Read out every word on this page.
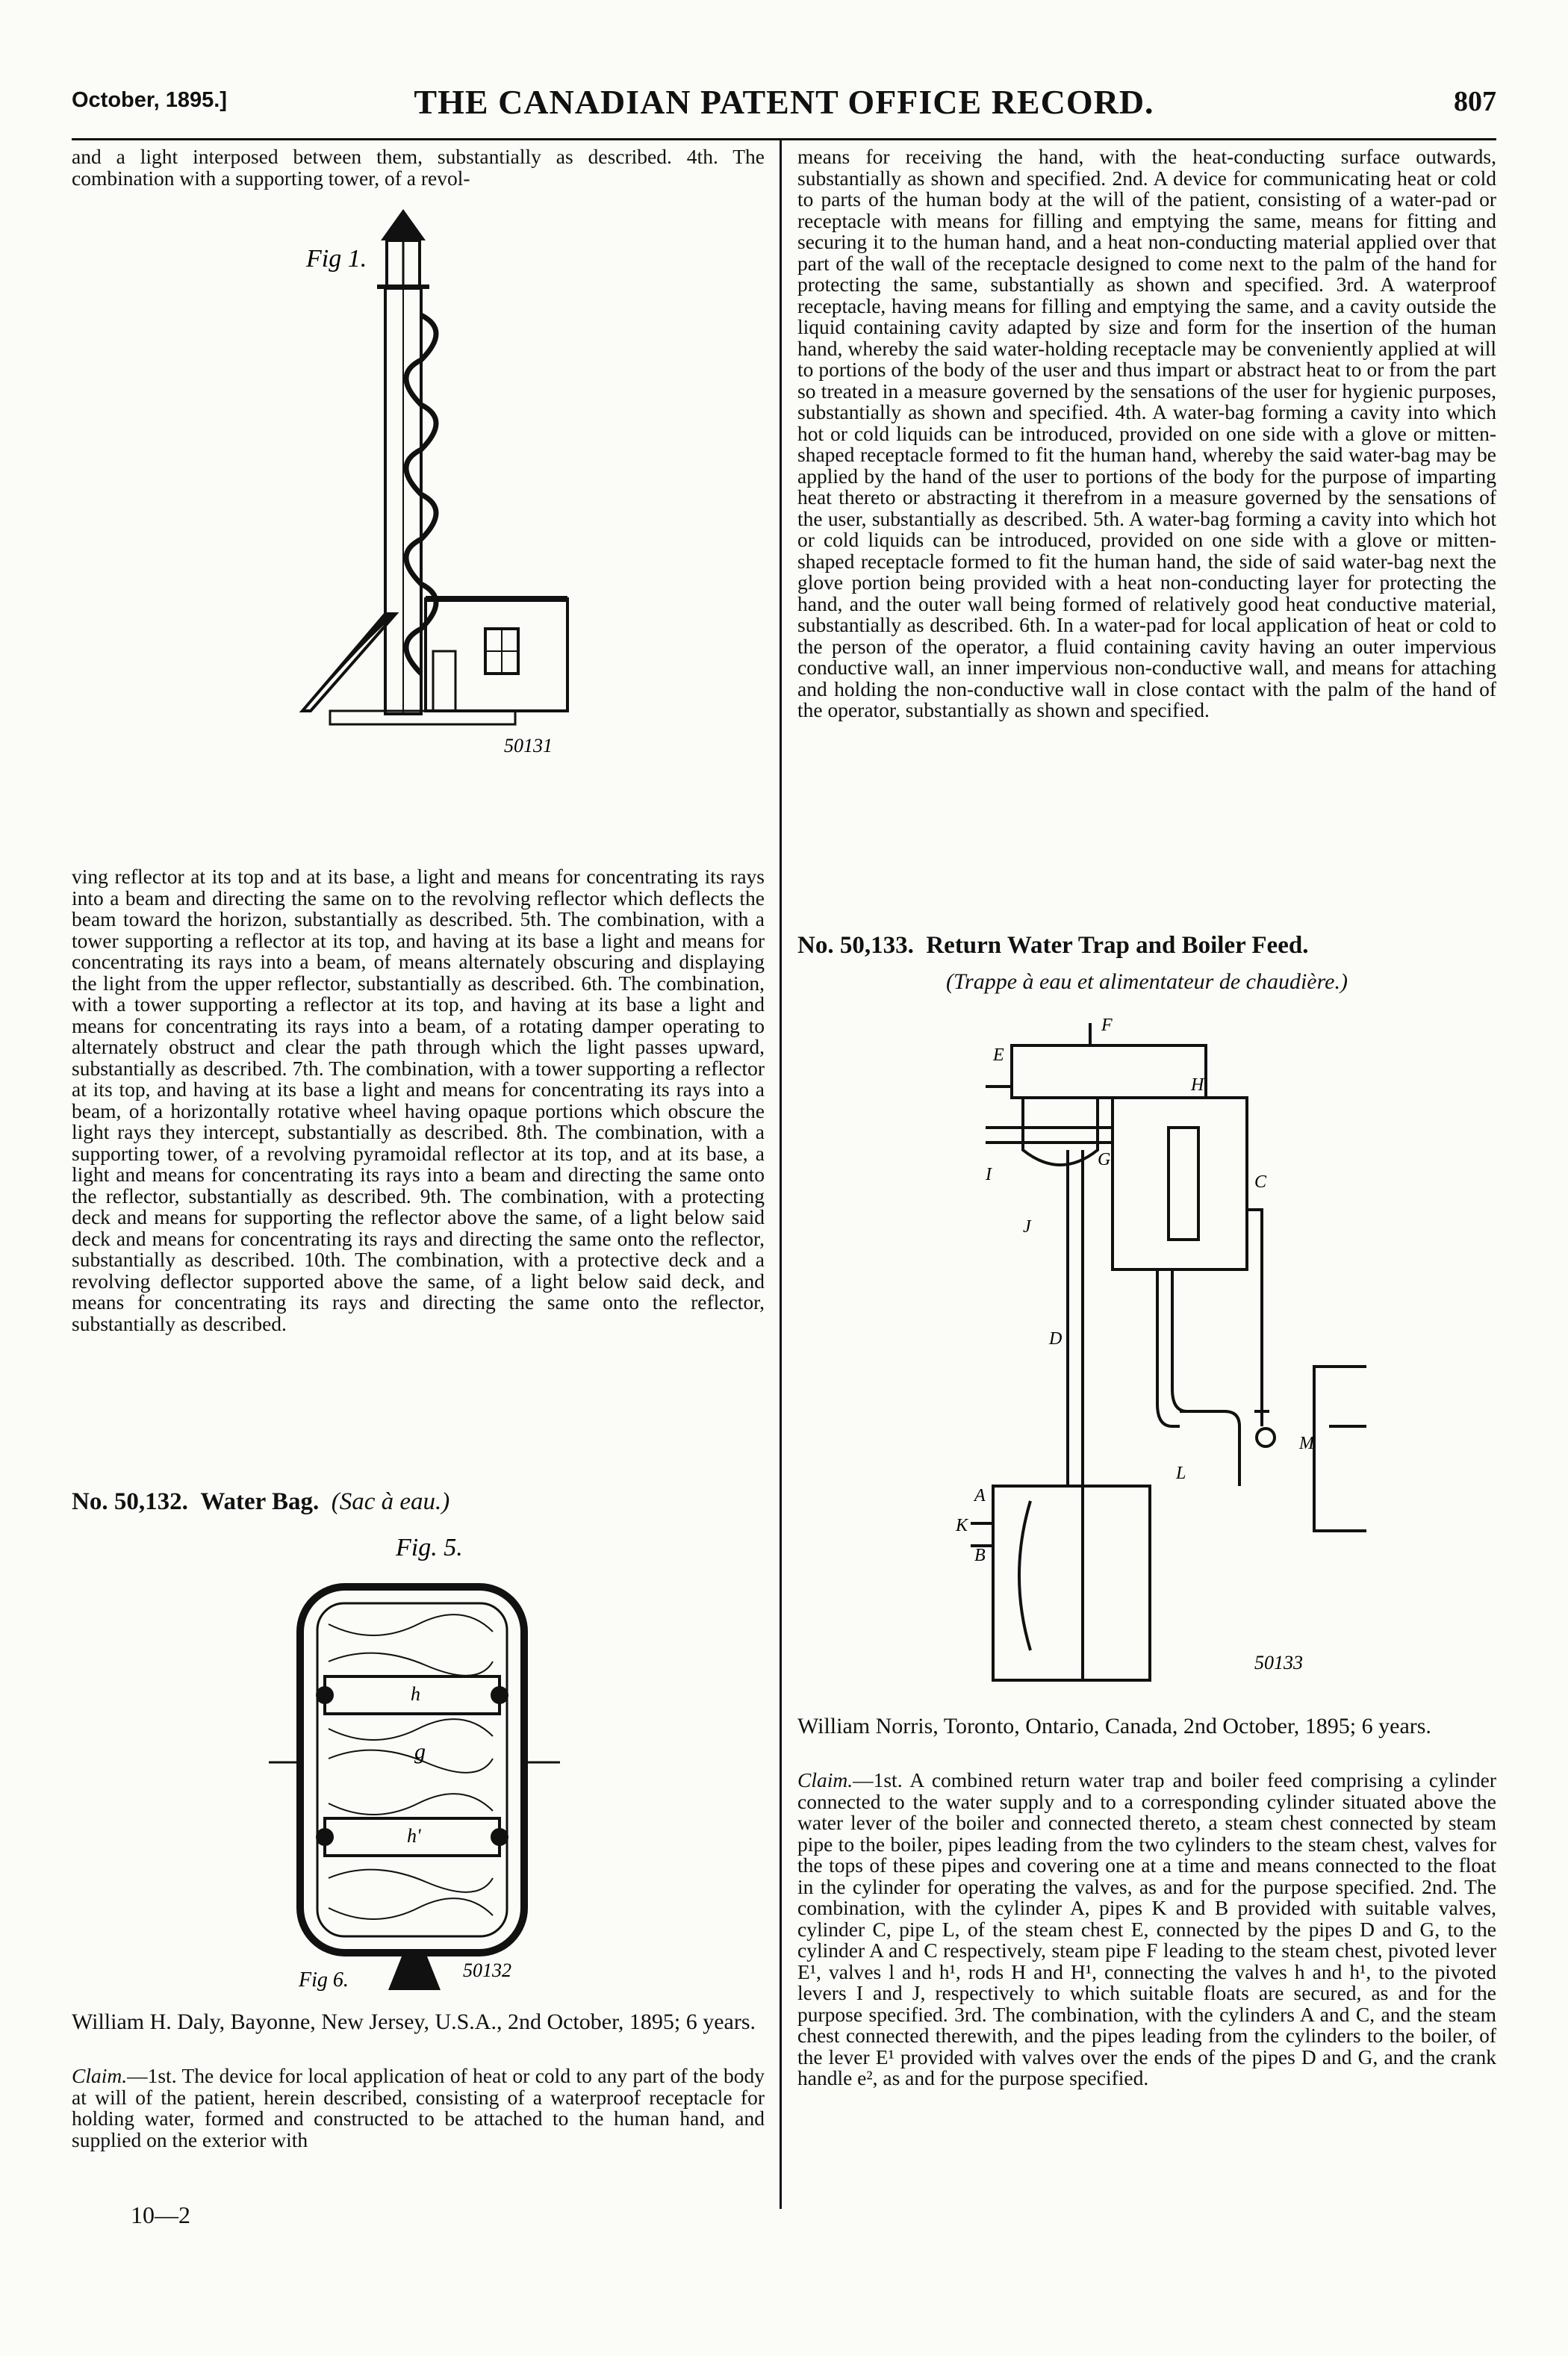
October, 1895.]	THE CANADIAN PATENT OFFICE RECORD.	807

and a light interposed between them, substantially as described. 4th. The combination with a supporting tower, of a revol-

Fig 1.
50131

ving reflector at its top and at its base, a light and means for concentrating its rays into a beam and directing the same on to the revolving reflector which deflects the beam toward the horizon, substantially as described. 5th. The combination, with a tower supporting a reflector at its top, and having at its base a light and means for concentrating its rays into a beam, of means alternately obscuring and displaying the light from the upper reflector, substantially as described. 6th. The combination, with a tower supporting a reflector at its top, and having at its base a light and means for concentrating its rays into a beam, of a rotating damper operating to alternately obstruct and clear the path through which the light passes upward, substantially as described. 7th. The combination, with a tower supporting a reflector at its top, and having at its base a light and means for concentrating its rays into a beam, of a horizontally rotative wheel having opaque portions which obscure the light rays they intercept, substantially as described. 8th. The combination, with a supporting tower, of a revolving pyramoidal reflector at its top, and at its base, a light and means for concentrating its rays into a beam and directing the same onto the reflector, substantially as described. 9th. The combination, with a protecting deck and means for supporting the reflector above the same, of a light below said deck and means for concentrating its rays and directing the same onto the reflector, substantially as described. 10th. The combination, with a protective deck and a revolving deflector supported above the same, of a light below said deck, and means for concentrating its rays and directing the same onto the reflector, substantially as described.

No. 50,132. Water Bag. (Sac à eau.)
Fig. 5.
h
g
h'
Fig 6.	50132
William H. Daly, Bayonne, New Jersey, U.S.A., 2nd October, 1895; 6 years.

Claim.—1st. The device for local application of heat or cold to any part of the body at will of the patient, herein described, consisting of a waterproof receptacle for holding water, formed and constructed to be attached to the human hand, and supplied on the exterior with

10—2

means for receiving the hand, with the heat-conducting surface outwards, substantially as shown and specified. 2nd. A device for communicating heat or cold to parts of the human body at the will of the patient, consisting of a water-pad or receptacle with means for filling and emptying the same, means for fitting and securing it to the human hand, and a heat non-conducting material applied over that part of the wall of the receptacle designed to come next to the palm of the hand for protecting the same, substantially as shown and specified. 3rd. A waterproof receptacle, having means for filling and emptying the same, and a cavity outside the liquid containing cavity adapted by size and form for the insertion of the human hand, whereby the said water-holding receptacle may be conveniently applied at will to portions of the body of the user and thus impart or abstract heat to or from the part so treated in a measure governed by the sensations of the user for hygienic purposes, substantially as shown and specified. 4th. A water-bag forming a cavity into which hot or cold liquids can be introduced, provided on one side with a glove or mitten-shaped receptacle formed to fit the human hand, whereby the said water-bag may be applied by the hand of the user to portions of the body for the purpose of imparting heat thereto or abstracting it therefrom in a measure governed by the sensations of the user, substantially as described. 5th. A water-bag forming a cavity into which hot or cold liquids can be introduced, provided on one side with a glove or mitten-shaped receptacle formed to fit the human hand, the side of said water-bag next the glove portion being provided with a heat non-conducting layer for protecting the hand, and the outer wall being formed of relatively good heat conductive material, substantially as described. 6th. In a water-pad for local application of heat or cold to the person of the operator, a fluid containing cavity having an outer impervious conductive wall, an inner impervious non-conductive wall, and means for attaching and holding the non-conductive wall in close contact with the palm of the hand of the operator, substantially as shown and specified.

No. 50,133. Return Water Trap and Boiler Feed.
(Trappe à eau et alimentateur de chaudière.)
F
E
A
K
B
D
L
I	C
G
M
H
J
50133
William Norris, Toronto, Ontario, Canada, 2nd October, 1895; 6 years.

Claim.—1st. A combined return water trap and boiler feed comprising a cylinder connected to the water supply and to a corresponding cylinder situated above the water lever of the boiler and connected thereto, a steam chest connected by steam pipe to the boiler, pipes leading from the two cylinders to the steam chest, valves for the tops of these pipes and covering one at a time and means connected to the float in the cylinder for operating the valves, as and for the purpose specified. 2nd. The combination, with the cylinder A, pipes K and B provided with suitable valves, cylinder C, pipe L, of the steam chest E, connected by the pipes D and G, to the cylinder A and C respectively, steam pipe F leading to the steam chest, pivoted lever E¹, valves l and h¹, rods H and H¹, connecting the valves h and h¹, to the pivoted levers I and J, respectively to which suitable floats are secured, as and for the purpose specified. 3rd. The combination, with the cylinders A and C, and the steam chest connected therewith, and the pipes leading from the cylinders to the boiler, of the lever E¹ provided with valves over the ends of the pipes D and G, and the crank handle e², as and for the purpose specified.
